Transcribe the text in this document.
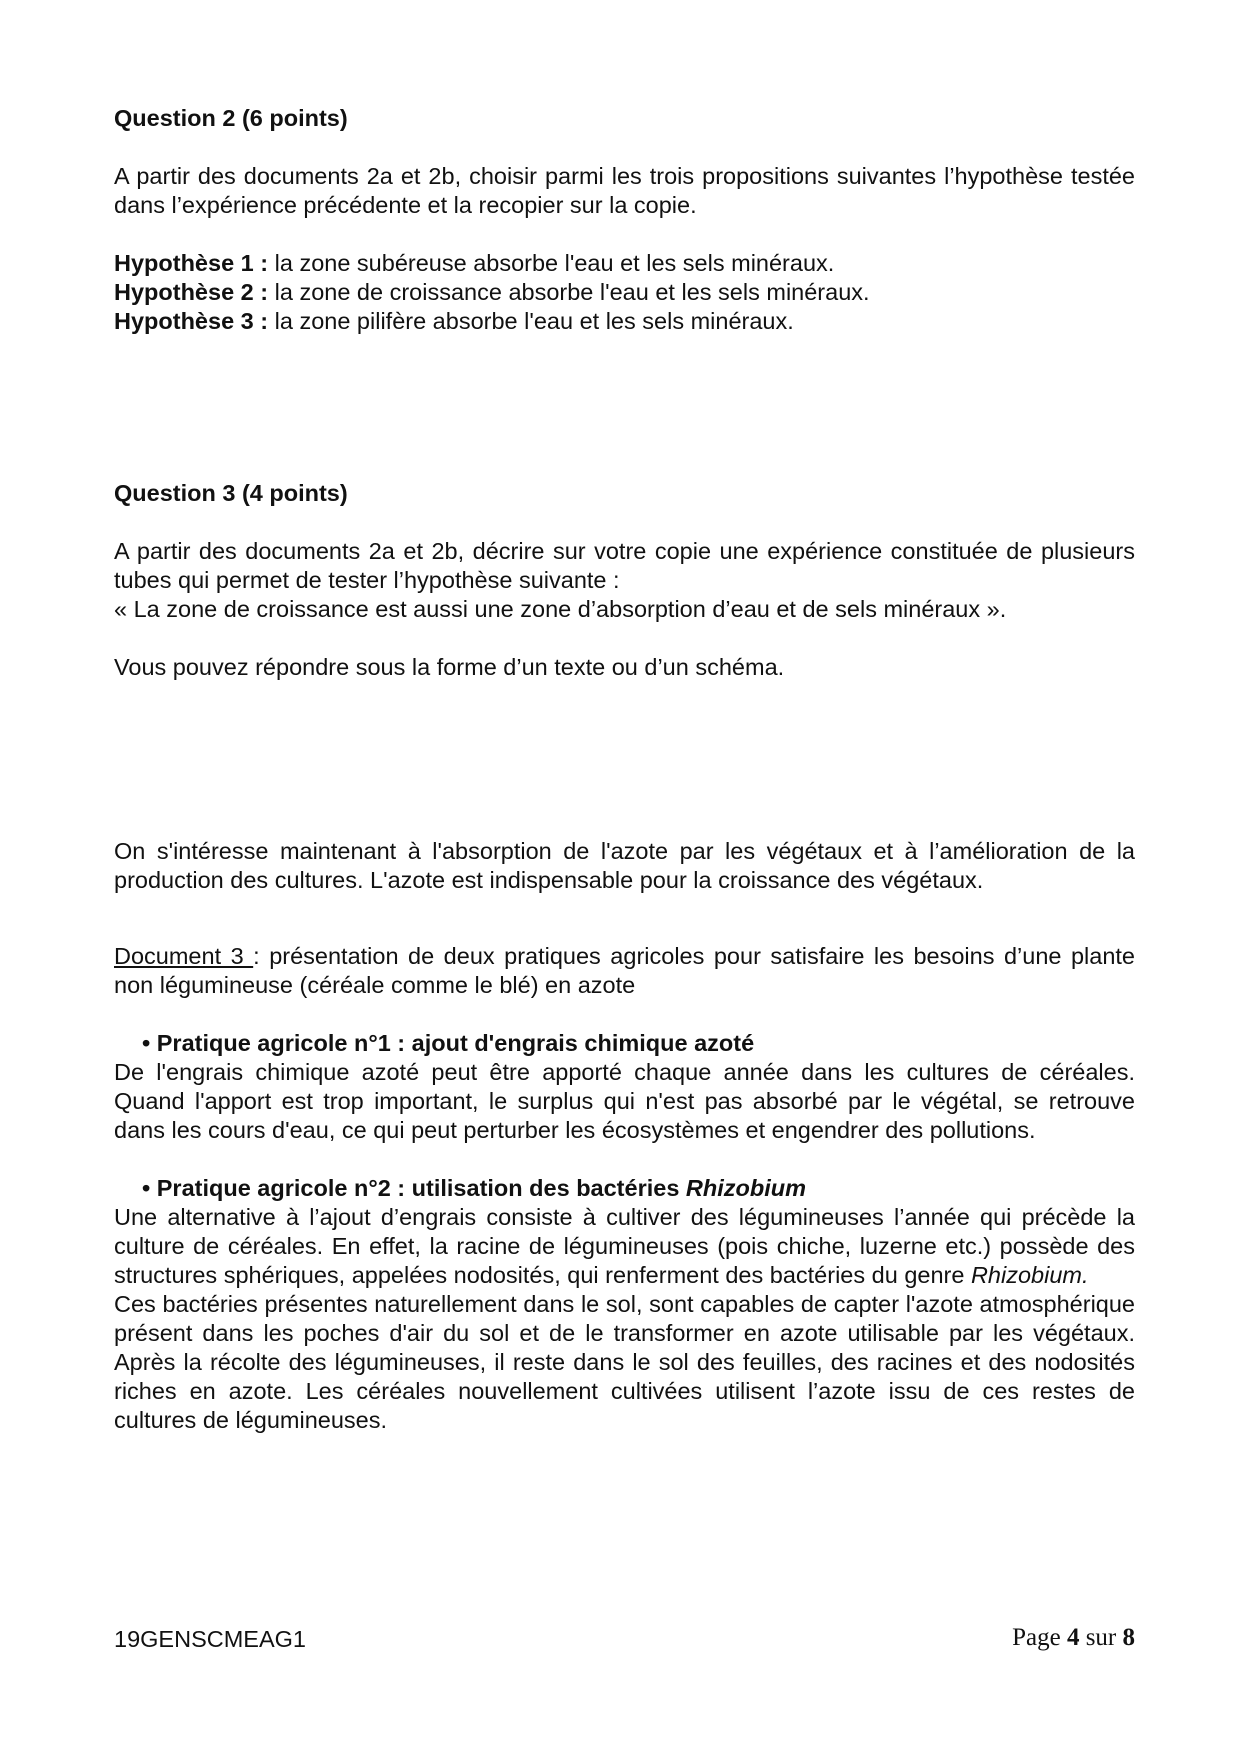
Question 2 (6 points)

A partir des documents 2a et 2b, choisir parmi les trois propositions suivantes l’hypothèse testée dans l’expérience précédente et la recopier sur la copie.

Hypothèse 1 : la zone subéreuse absorbe l'eau et les sels minéraux.

Hypothèse 2 : la zone de croissance absorbe l'eau et les sels minéraux.

Hypothèse 3 : la zone pilifère absorbe l'eau et les sels minéraux.

Question 3 (4 points)

A partir des documents 2a et 2b, décrire sur votre copie une expérience constituée de plusieurs tubes qui permet de tester l’hypothèse suivante :

« La zone de croissance est aussi une zone d’absorption d’eau et de sels minéraux ».

Vous pouvez répondre sous la forme d’un texte ou d’un schéma.

On s'intéresse maintenant à l'absorption de l'azote par les végétaux et à l’amélioration de la production des cultures. L'azote est indispensable pour la croissance des végétaux.

Document 3 : présentation de deux pratiques agricoles pour satisfaire les besoins d’une plante non légumineuse (céréale comme le blé) en azote

• Pratique agricole n°1 : ajout d'engrais chimique azoté

De l'engrais chimique azoté peut être apporté chaque année dans les cultures de céréales. Quand l'apport est trop important, le surplus qui n'est pas absorbé par le végétal, se retrouve dans les cours d'eau, ce qui peut perturber les écosystèmes et engendrer des pollutions.

• Pratique agricole n°2 : utilisation des bactéries Rhizobium

Une alternative à l’ajout d’engrais consiste à cultiver des légumineuses l’année qui précède la culture de céréales. En effet, la racine de légumineuses (pois chiche, luzerne etc.) possède des structures sphériques, appelées nodosités, qui renferment des bactéries du genre Rhizobium.

Ces bactéries présentes naturellement dans le sol, sont capables de capter l'azote atmosphérique présent dans les poches d'air du sol et de le transformer en azote utilisable par les végétaux. Après la récolte des légumineuses, il reste dans le sol des feuilles, des racines et des nodosités riches en azote. Les céréales nouvellement cultivées utilisent l’azote issu de ces restes de cultures de légumineuses.

19GENSCMEAG1	Page 4 sur 8
